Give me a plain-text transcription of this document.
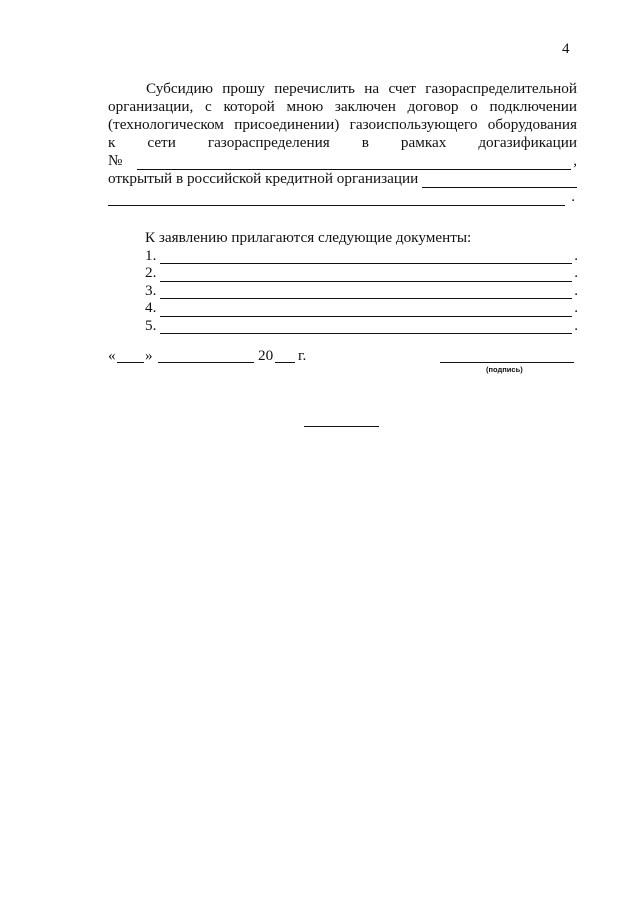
4
Субсидию прошу перечислить на счет газораспределительной
организации, с которой мною заключен договор о подключении
(технологическом присоединении) газоиспользующего оборудования
к сети газораспределения в рамках догазификации
№	,
открытый в российской кредитной организации
.
К заявлению прилагаются следующие документы:
1.	.
2.	.
3.	.
4.	.
5.	.
« »	20 г.
(подпись)
